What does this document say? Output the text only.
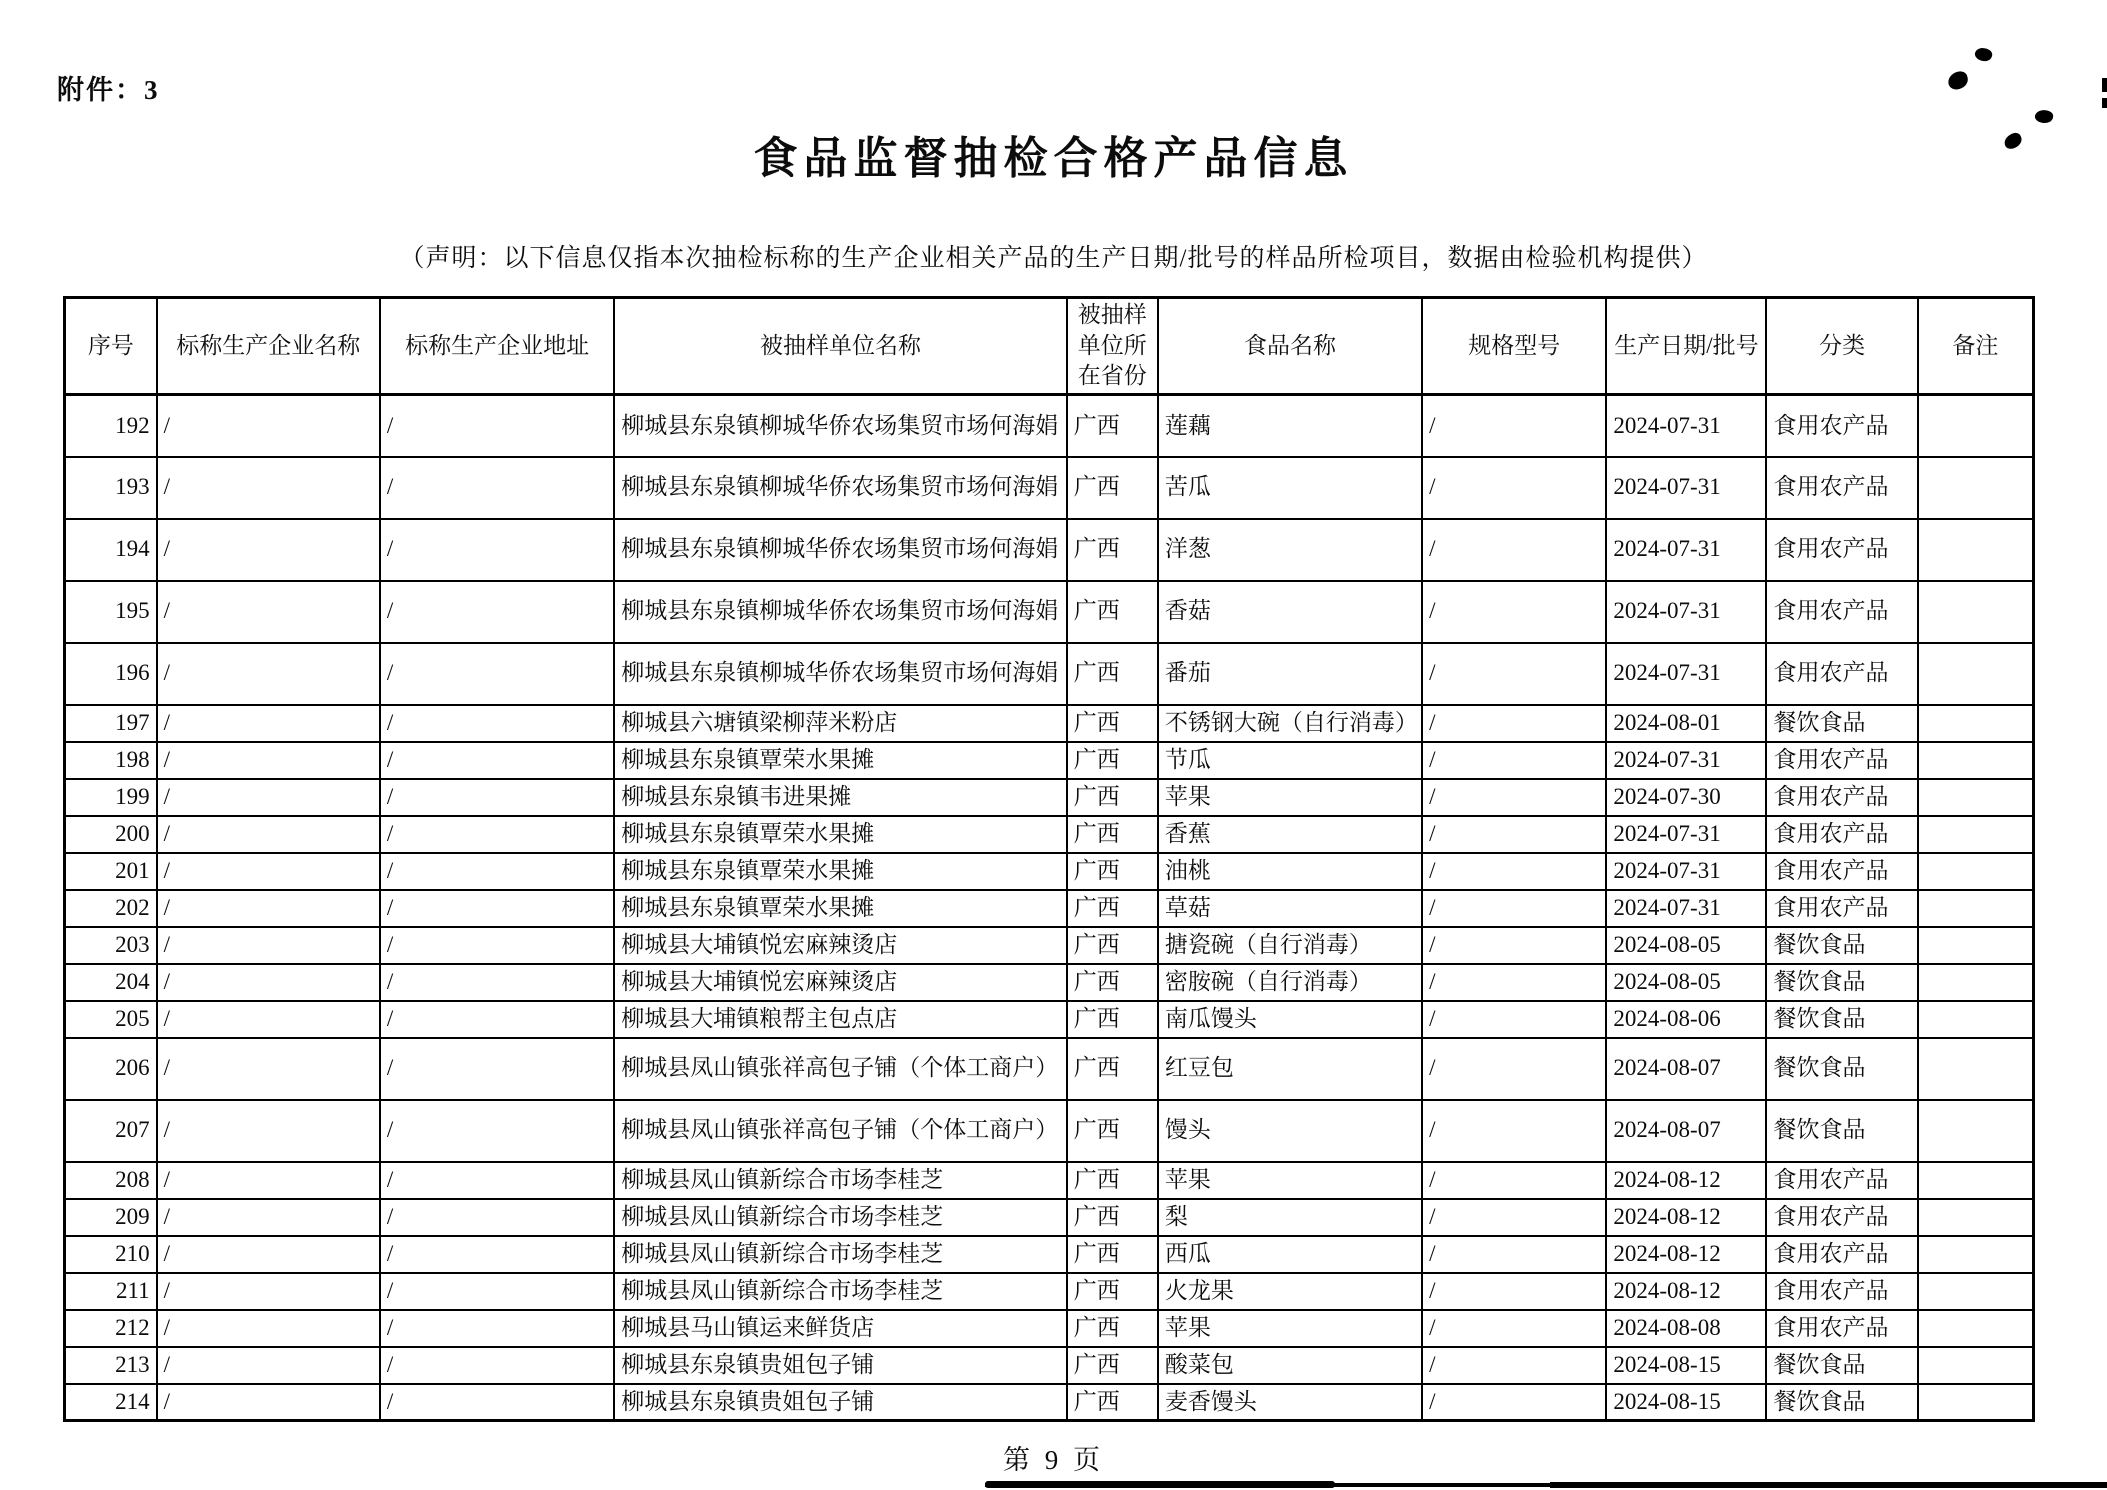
附件：3
食品监督抽检合格产品信息
（声明：以下信息仅指本次抽检标称的生产企业相关产品的生产日期/批号的样品所检项目，数据由检验机构提供）
序号	标称生产企业名称	标称生产企业地址	被抽样单位名称	被抽样单位所在省份	食品名称	规格型号	生产日期/批号	分类	备注
192	/	/	柳城县东泉镇柳城华侨农场集贸市场何海娟	广西	莲藕	/	2024-07-31	食用农产品	
193	/	/	柳城县东泉镇柳城华侨农场集贸市场何海娟	广西	苦瓜	/	2024-07-31	食用农产品	
194	/	/	柳城县东泉镇柳城华侨农场集贸市场何海娟	广西	洋葱	/	2024-07-31	食用农产品	
195	/	/	柳城县东泉镇柳城华侨农场集贸市场何海娟	广西	香菇	/	2024-07-31	食用农产品	
196	/	/	柳城县东泉镇柳城华侨农场集贸市场何海娟	广西	番茄	/	2024-07-31	食用农产品	
197	/	/	柳城县六塘镇梁柳萍米粉店	广西	不锈钢大碗（自行消毒）	/	2024-08-01	餐饮食品	
198	/	/	柳城县东泉镇覃荣水果摊	广西	节瓜	/	2024-07-31	食用农产品	
199	/	/	柳城县东泉镇韦进果摊	广西	苹果	/	2024-07-30	食用农产品	
200	/	/	柳城县东泉镇覃荣水果摊	广西	香蕉	/	2024-07-31	食用农产品	
201	/	/	柳城县东泉镇覃荣水果摊	广西	油桃	/	2024-07-31	食用农产品	
202	/	/	柳城县东泉镇覃荣水果摊	广西	草菇	/	2024-07-31	食用农产品	
203	/	/	柳城县大埔镇悦宏麻辣烫店	广西	搪瓷碗（自行消毒）	/	2024-08-05	餐饮食品	
204	/	/	柳城县大埔镇悦宏麻辣烫店	广西	密胺碗（自行消毒）	/	2024-08-05	餐饮食品	
205	/	/	柳城县大埔镇粮帮主包点店	广西	南瓜馒头	/	2024-08-06	餐饮食品	
206	/	/	柳城县凤山镇张祥高包子铺（个体工商户）	广西	红豆包	/	2024-08-07	餐饮食品	
207	/	/	柳城县凤山镇张祥高包子铺（个体工商户）	广西	馒头	/	2024-08-07	餐饮食品	
208	/	/	柳城县凤山镇新综合市场李桂芝	广西	苹果	/	2024-08-12	食用农产品	
209	/	/	柳城县凤山镇新综合市场李桂芝	广西	梨	/	2024-08-12	食用农产品	
210	/	/	柳城县凤山镇新综合市场李桂芝	广西	西瓜	/	2024-08-12	食用农产品	
211	/	/	柳城县凤山镇新综合市场李桂芝	广西	火龙果	/	2024-08-12	食用农产品	
212	/	/	柳城县马山镇运来鲜货店	广西	苹果	/	2024-08-08	食用农产品	
213	/	/	柳城县东泉镇贵姐包子铺	广西	酸菜包	/	2024-08-15	餐饮食品	
214	/	/	柳城县东泉镇贵姐包子铺	广西	麦香馒头	/	2024-08-15	餐饮食品	
第 9 页
